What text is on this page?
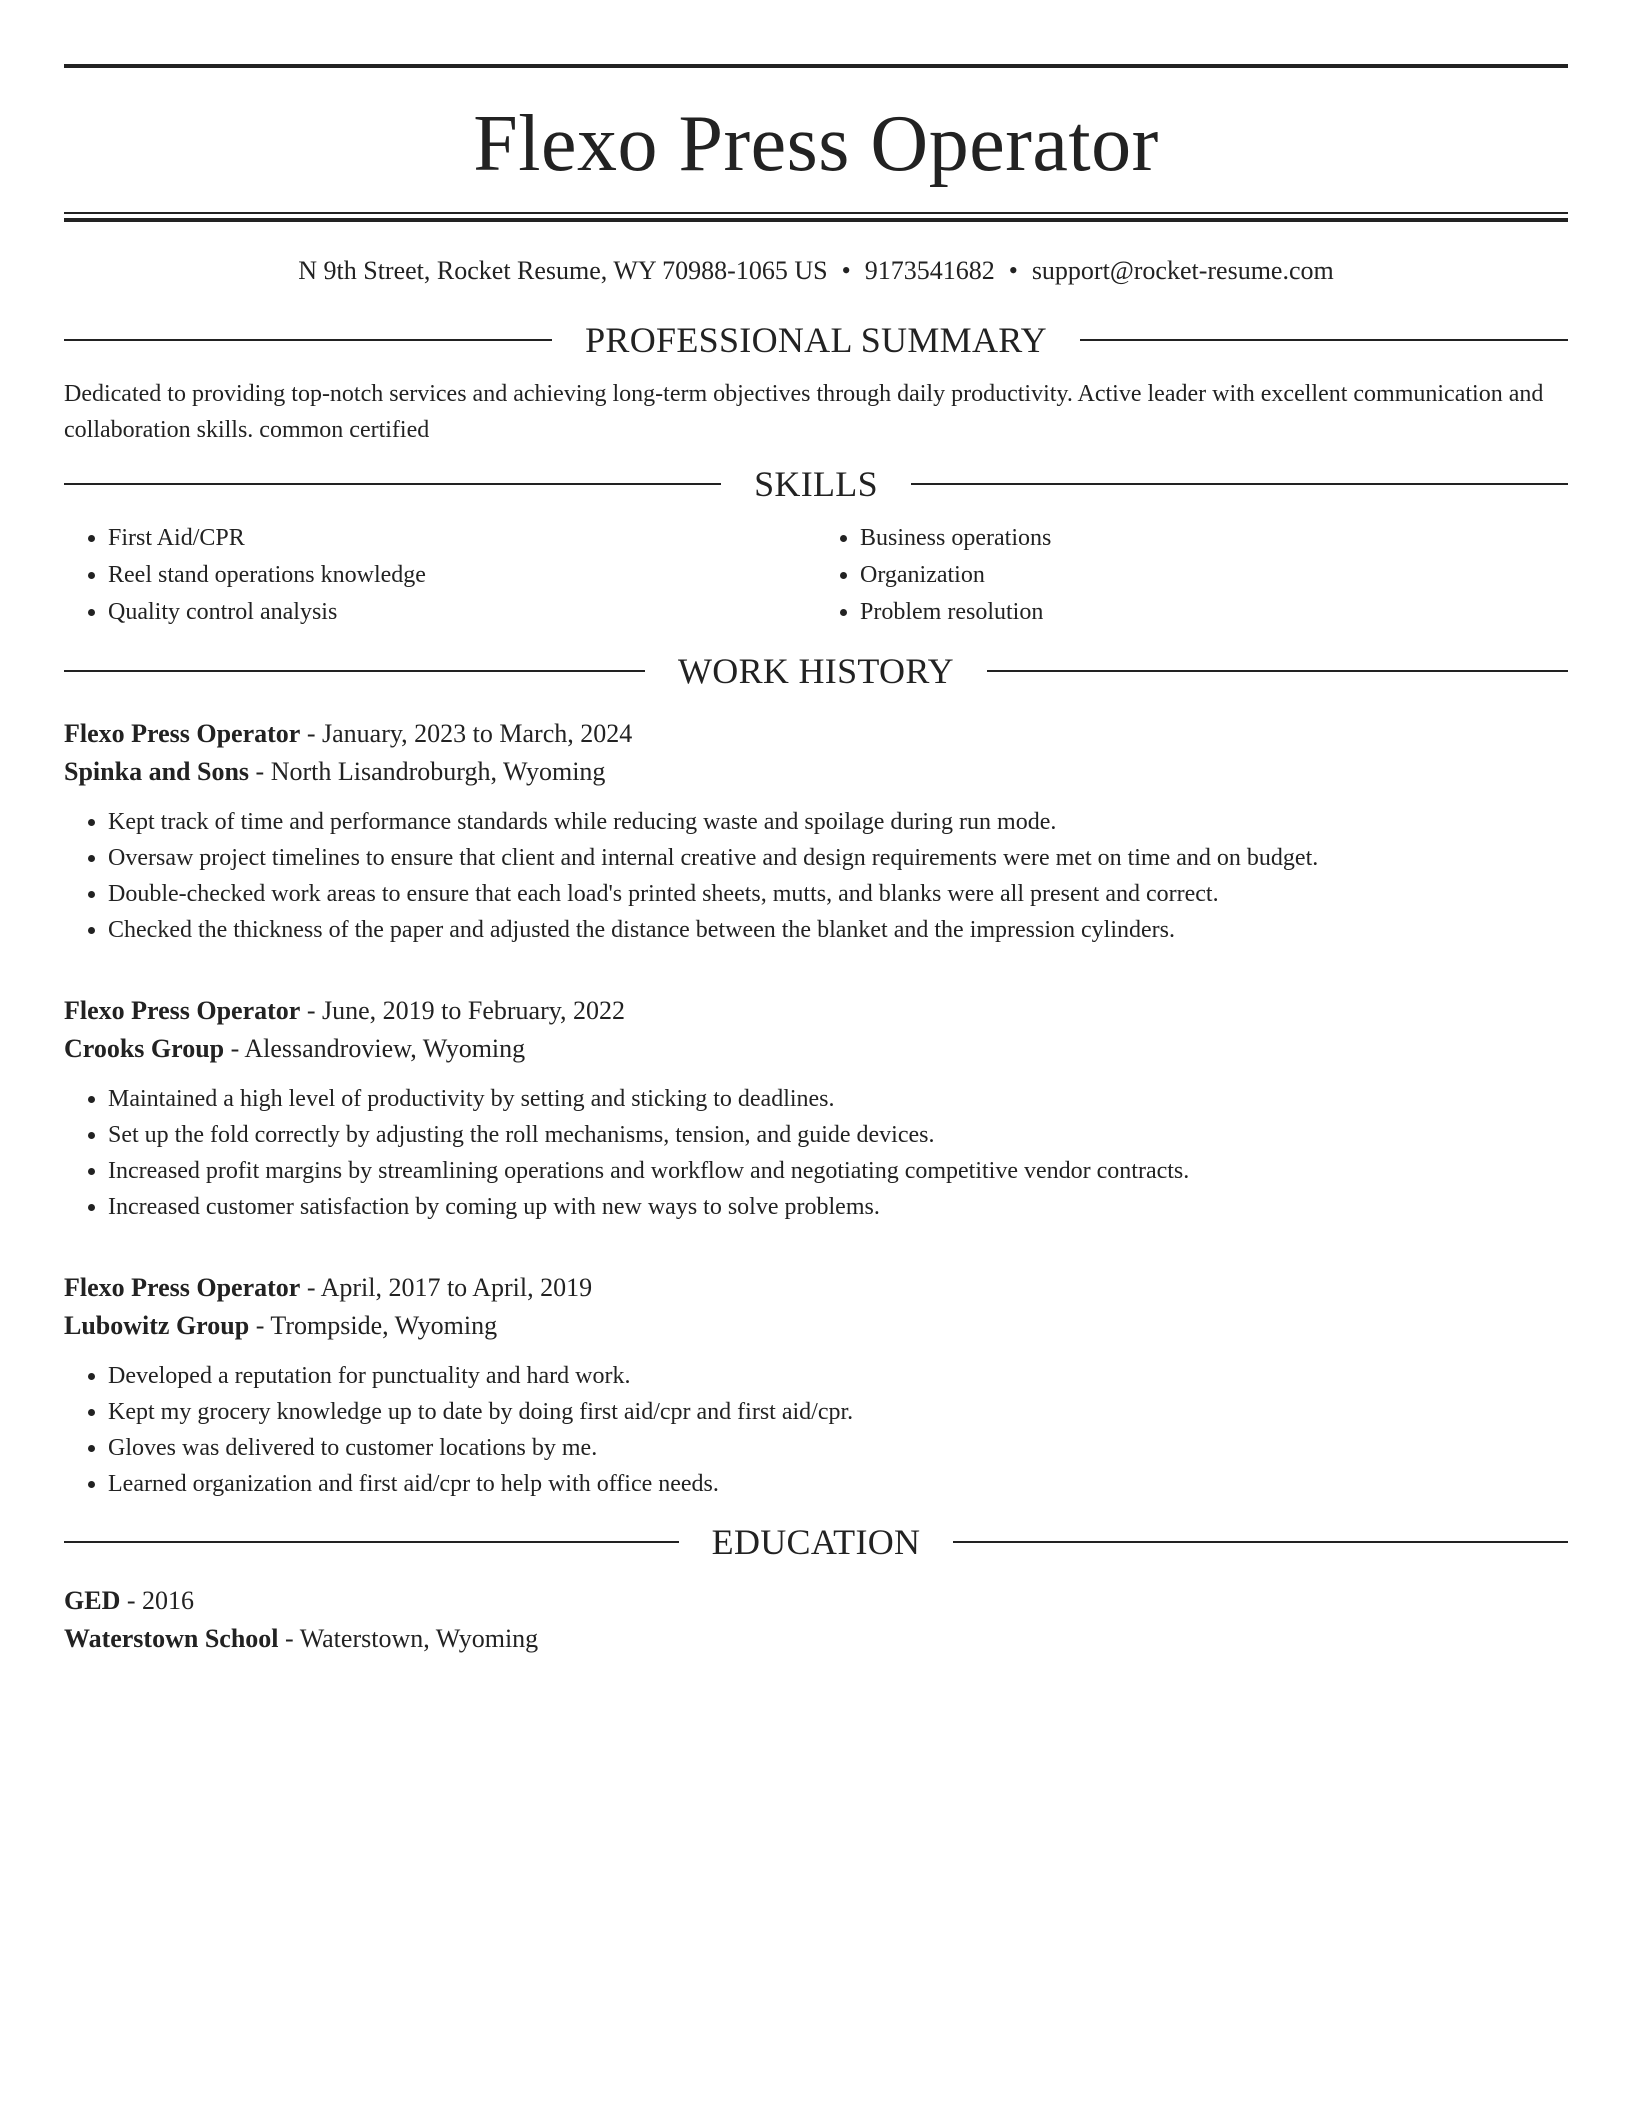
Flexo Press Operator
N 9th Street, Rocket Resume, WY 70988-1065 US • 9173541682 • support@rocket-resume.com
PROFESSIONAL SUMMARY

Dedicated to providing top-notch services and achieving long-term objectives through daily productivity. Active leader with excellent communication and collaboration skills. common certified

SKILLS
• First Aid/CPR
• Reel stand operations knowledge
• Quality control analysis
• Business operations
• Organization
• Problem resolution
WORK HISTORY
Flexo Press Operator - January, 2023 to March, 2024
Spinka and Sons - North Lisandroburgh, Wyoming
• Kept track of time and performance standards while reducing waste and spoilage during run mode.
• Oversaw project timelines to ensure that client and internal creative and design requirements were met on time and on budget.
• Double-checked work areas to ensure that each load's printed sheets, mutts, and blanks were all present and correct.
• Checked the thickness of the paper and adjusted the distance between the blanket and the impression cylinders.
Flexo Press Operator - June, 2019 to February, 2022
Crooks Group - Alessandroview, Wyoming
• Maintained a high level of productivity by setting and sticking to deadlines.
• Set up the fold correctly by adjusting the roll mechanisms, tension, and guide devices.
• Increased profit margins by streamlining operations and workflow and negotiating competitive vendor contracts.
• Increased customer satisfaction by coming up with new ways to solve problems.
Flexo Press Operator - April, 2017 to April, 2019
Lubowitz Group - Trompside, Wyoming
• Developed a reputation for punctuality and hard work.
• Kept my grocery knowledge up to date by doing first aid/cpr and first aid/cpr.
• Gloves was delivered to customer locations by me.
• Learned organization and first aid/cpr to help with office needs.
EDUCATION
GED - 2016
Waterstown School - Waterstown, Wyoming
